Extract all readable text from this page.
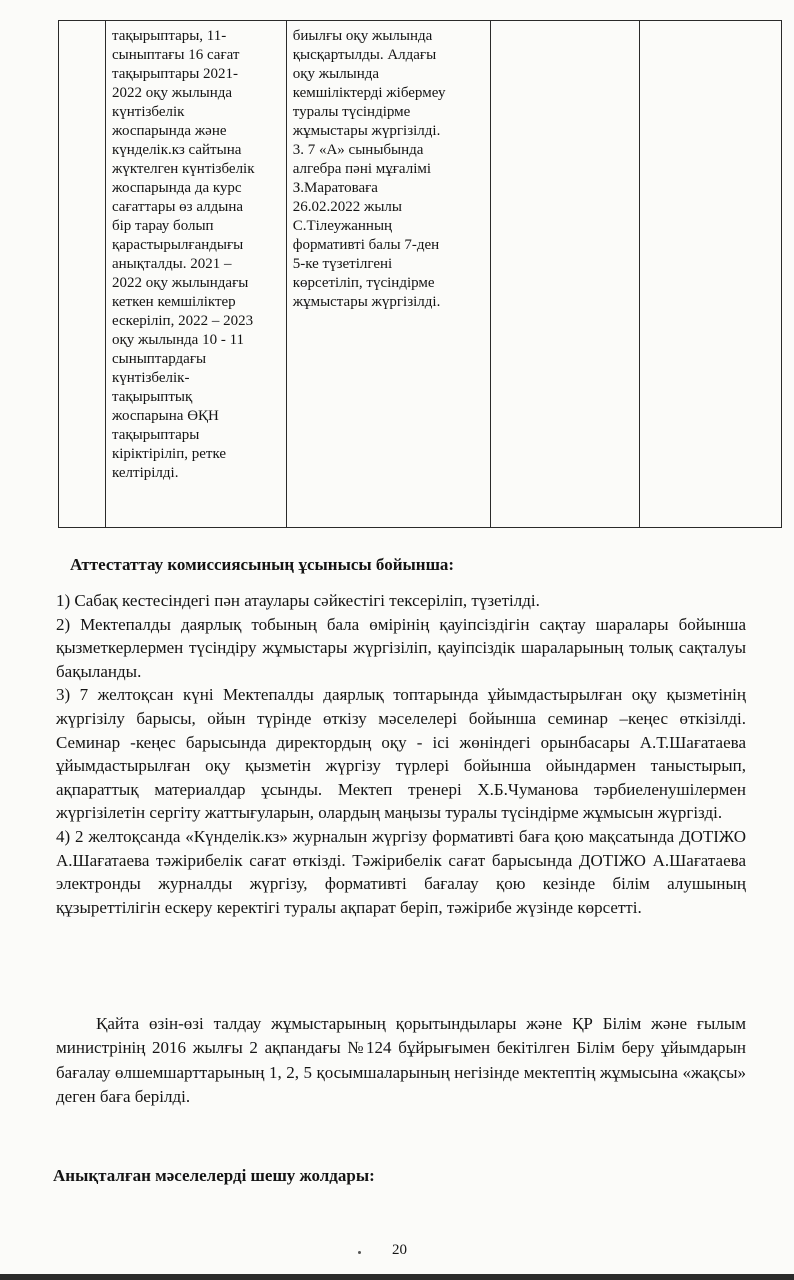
	тақырыптары, 11-
сыныптағы 16 сағат
тақырыптары 2021-
2022 оқу жылында
күнтізбелік
жоспарында және
күнделік.кз сайтына
жүктелген күнтізбелік
жоспарында да курс
сағаттары өз алдына
бір тарау болып
қарастырылғандығы
анықталды. 2021 –
2022 оқу жылындағы
кеткен кемшіліктер
ескеріліп, 2022 – 2023
оқу жылында 10 - 11
сыныптардағы
күнтізбелік-
тақырыптық
жоспарына ӨҚН
тақырыптары
кіріктіріліп, ретке
келтірілді.	биылғы оқу жылында
қысқартылды. Алдағы
оқу жылында
кемшіліктерді жібермеу
туралы түсіндірме
жұмыстары жүргізілді.
3. 7 «А» сыныбында
алгебра пәні мұғалімі
З.Маратоваға
26.02.2022 жылы
С.Тілеужанның
формативті балы 7-ден
5-ке түзетілгені
көрсетіліп, түсіндірме
жұмыстары жүргізілді.		
Аттестаттау комиссиясының ұсынысы бойынша:

1) Сабақ кестесіндегі пән атаулары сәйкестігі тексеріліп, түзетілді.

2) Мектепалды даярлық тобының бала өмірінің қауіпсіздігін сақтау шаралары бойынша қызметкерлермен түсіндіру жұмыстары жүргізіліп, қауіпсіздік шараларының толық сақталуы бақыланды.

3) 7 желтоқсан күні Мектепалды даярлық топтарында ұйымдастырылған оқу қызметінің жүргізілу барысы, ойын түрінде өткізу мәселелері бойынша семинар –кеңес өткізілді. Семинар -кеңес барысында директордың оқу - ісі жөніндегі орынбасары А.Т.Шағатаева ұйымдастырылған оқу қызметін жүргізу түрлері бойынша ойындармен таныстырып, ақпараттық материалдар ұсынды. Мектеп тренері Х.Б.Чуманова тәрбиеленушілермен жүргізілетін сергіту жаттығуларын, олардың маңызы туралы түсіндірме жұмысын жүргізді.

4) 2 желтоқсанда «Күнделік.кз» журналын жүргізу формативті баға қою мақсатында ДОТІЖО А.Шағатаева тәжірибелік сағат өткізді. Тәжірибелік сағат барысында ДОТІЖО А.Шағатаева электронды журналды жүргізу, формативті бағалау қою кезінде білім алушының құзыреттілігін ескеру керектігі туралы ақпарат беріп, тәжірибе жүзінде көрсетті.

Қайта өзін-өзі талдау жұмыстарының қорытындылары және ҚР Білім және ғылым министрінің 2016 жылғы 2 ақпандағы №124 бұйрығымен бекітілген Білім беру ұйымдарын бағалау өлшемшарттарының 1, 2, 5 қосымшаларының негізінде мектептің жұмысына «жақсы» деген баға берілді.

Анықталған мәселелерді шешу жолдары:
20
